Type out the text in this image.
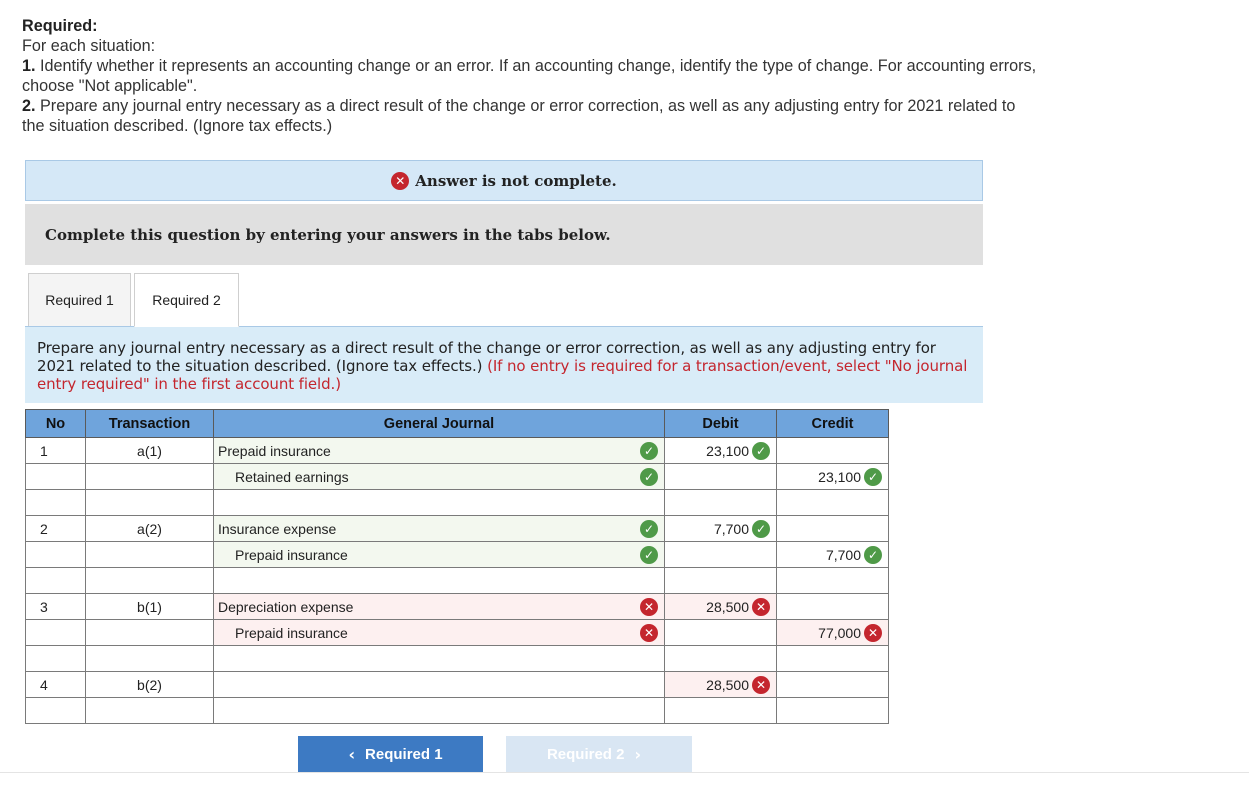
Required:
For each situation:
1. Identify whether it represents an accounting change or an error. If an accounting change, identify the type of change. For accounting errors, choose "Not applicable".
2. Prepare any journal entry necessary as a direct result of the change or error correction, as well as any adjusting entry for 2021 related to the situation described. (Ignore tax effects.)
✕ Answer is not complete.
Complete this question by entering your answers in the tabs below.
Required 1	Required 2
Prepare any journal entry necessary as a direct result of the change or error correction, as well as any adjusting entry for 2021 related to the situation described. (Ignore tax effects.) (If no entry is required for a transaction/event, select "No journal entry required" in the first account field.)
No	Transaction	General Journal	Debit	Credit
1	a(1)	Prepaid insurance ✓	23,100 ✓	

		Retained earnings ✓		23,100 ✓

2	a(2)	Insurance expense ✓	7,700 ✓	

		Prepaid insurance ✓		7,700 ✓

3	b(1)	Depreciation expense ✕	28,500 ✕	

		Prepaid insurance ✕		77,000 ✕

4	b(2)		28,500 ✕	

‹ Required 1	Required 2 ›
